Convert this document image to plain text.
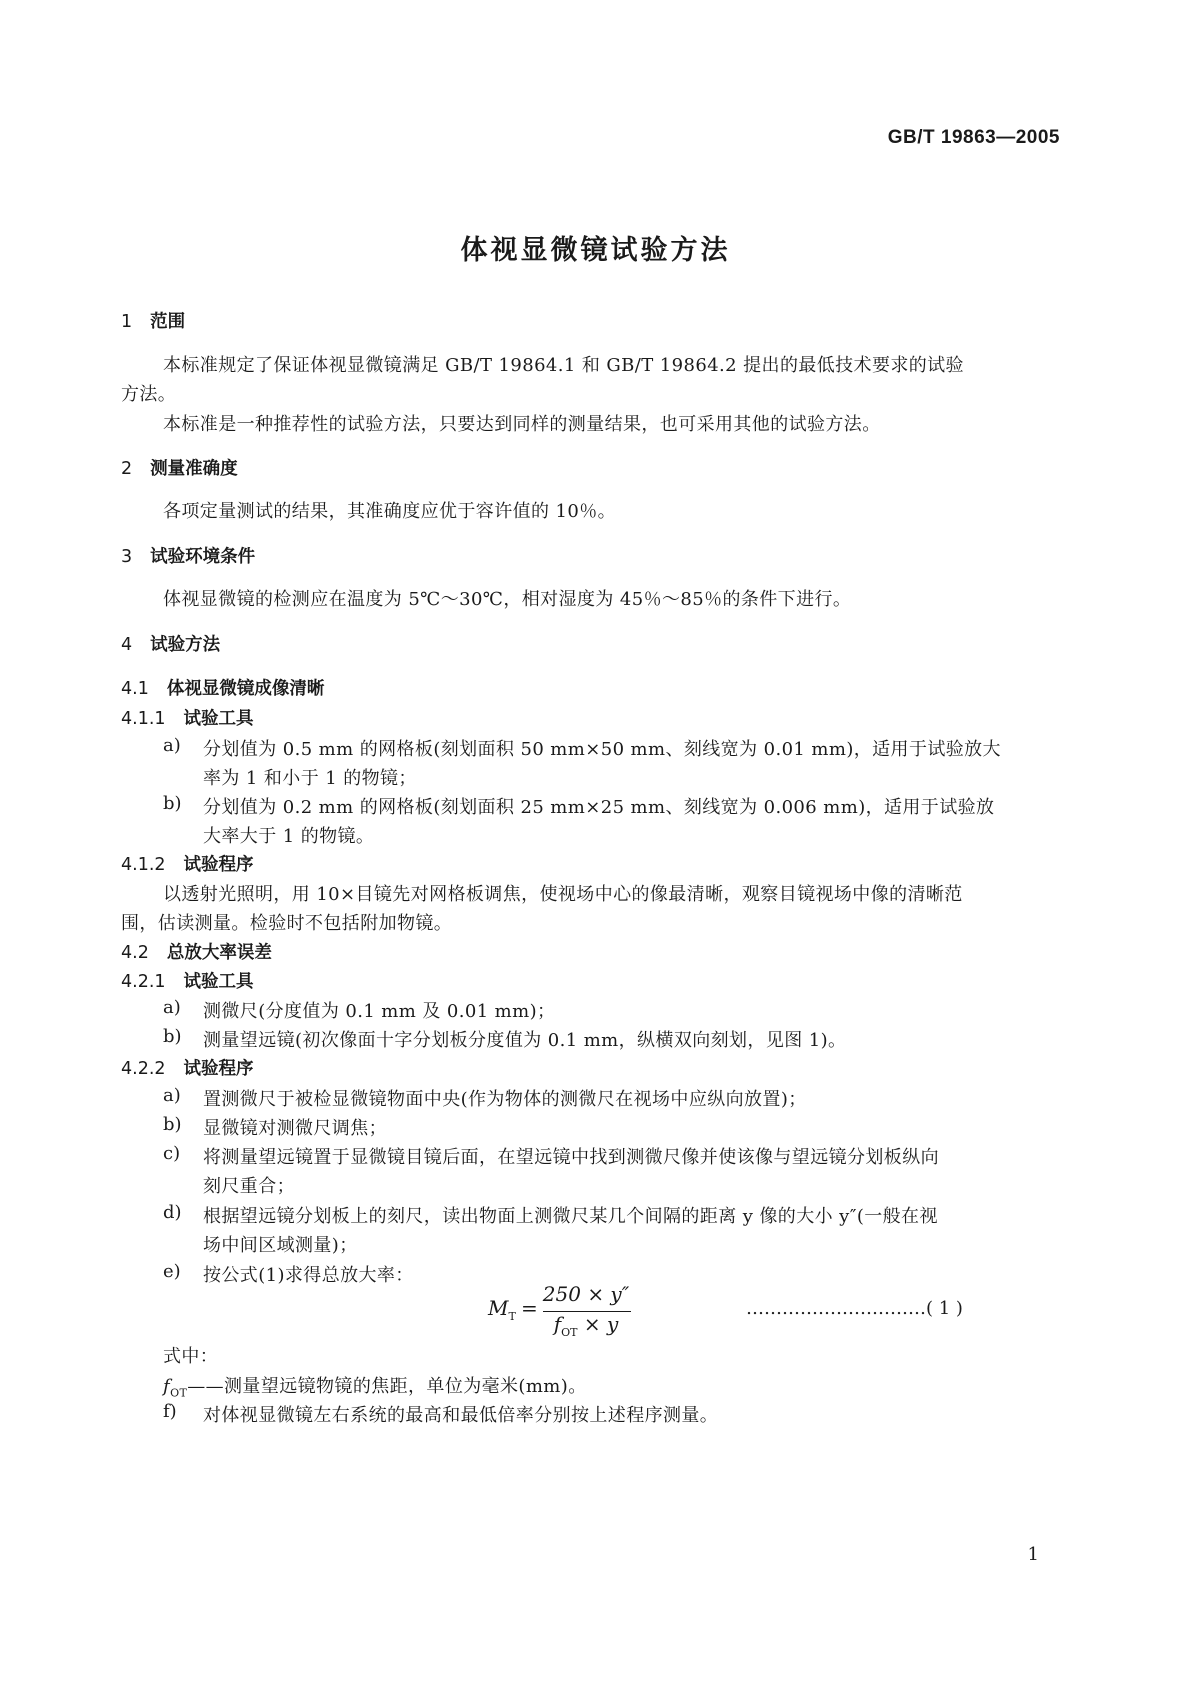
GB/T 19863—2005
体视显微镜试验方法
1 范围
本标准规定了保证体视显微镜满足 GB/T 19864.1 和 GB/T 19864.2 提出的最低技术要求的试验
方法。
本标准是一种推荐性的试验方法，只要达到同样的测量结果，也可采用其他的试验方法。
2 测量准确度
各项定量测试的结果，其准确度应优于容许值的 10％。
3 试验环境条件
体视显微镜的检测应在温度为 5℃～30℃，相对湿度为 45％～85％的条件下进行。
4 试验方法
4.1 体视显微镜成像清晰
4.1.1 试验工具
a) 分划值为 0.5 mm 的网格板(刻划面积 50 mm×50 mm、刻线宽为 0.01 mm)，适用于试验放大
率为 1 和小于 1 的物镜；
b) 分划值为 0.2 mm 的网格板(刻划面积 25 mm×25 mm、刻线宽为 0.006 mm)，适用于试验放
大率大于 1 的物镜。
4.1.2 试验程序
以透射光照明，用 10×目镜先对网格板调焦，使视场中心的像最清晰，观察目镜视场中像的清晰范
围，估读测量。检验时不包括附加物镜。
4.2 总放大率误差
4.2.1 试验工具
a) 测微尺(分度值为 0.1 mm 及 0.01 mm)；
b) 测量望远镜(初次像面十字分划板分度值为 0.1 mm，纵横双向刻划，见图 1)。
4.2.2 试验程序
a) 置测微尺于被检显微镜物面中央(作为物体的测微尺在视场中应纵向放置)；
b) 显微镜对测微尺调焦；
c) 将测量望远镜置于显微镜目镜后面，在望远镜中找到测微尺像并使该像与望远镜分划板纵向
刻尺重合；
d) 根据望远镜分划板上的刻尺，读出物面上测微尺某几个间隔的距离 y 像的大小 y″(一般在视
场中间区域测量)；
e) 按公式(1)求得总放大率：
$M_T$ =
250 × y″
$f_{OT} \times y$
…………………………( 1 )
式中：
$f_{OT}——$测量望远镜物镜的焦距，单位为毫米(mm)。
f) 对体视显微镜左右系统的最高和最低倍率分别按上述程序测量。
1
